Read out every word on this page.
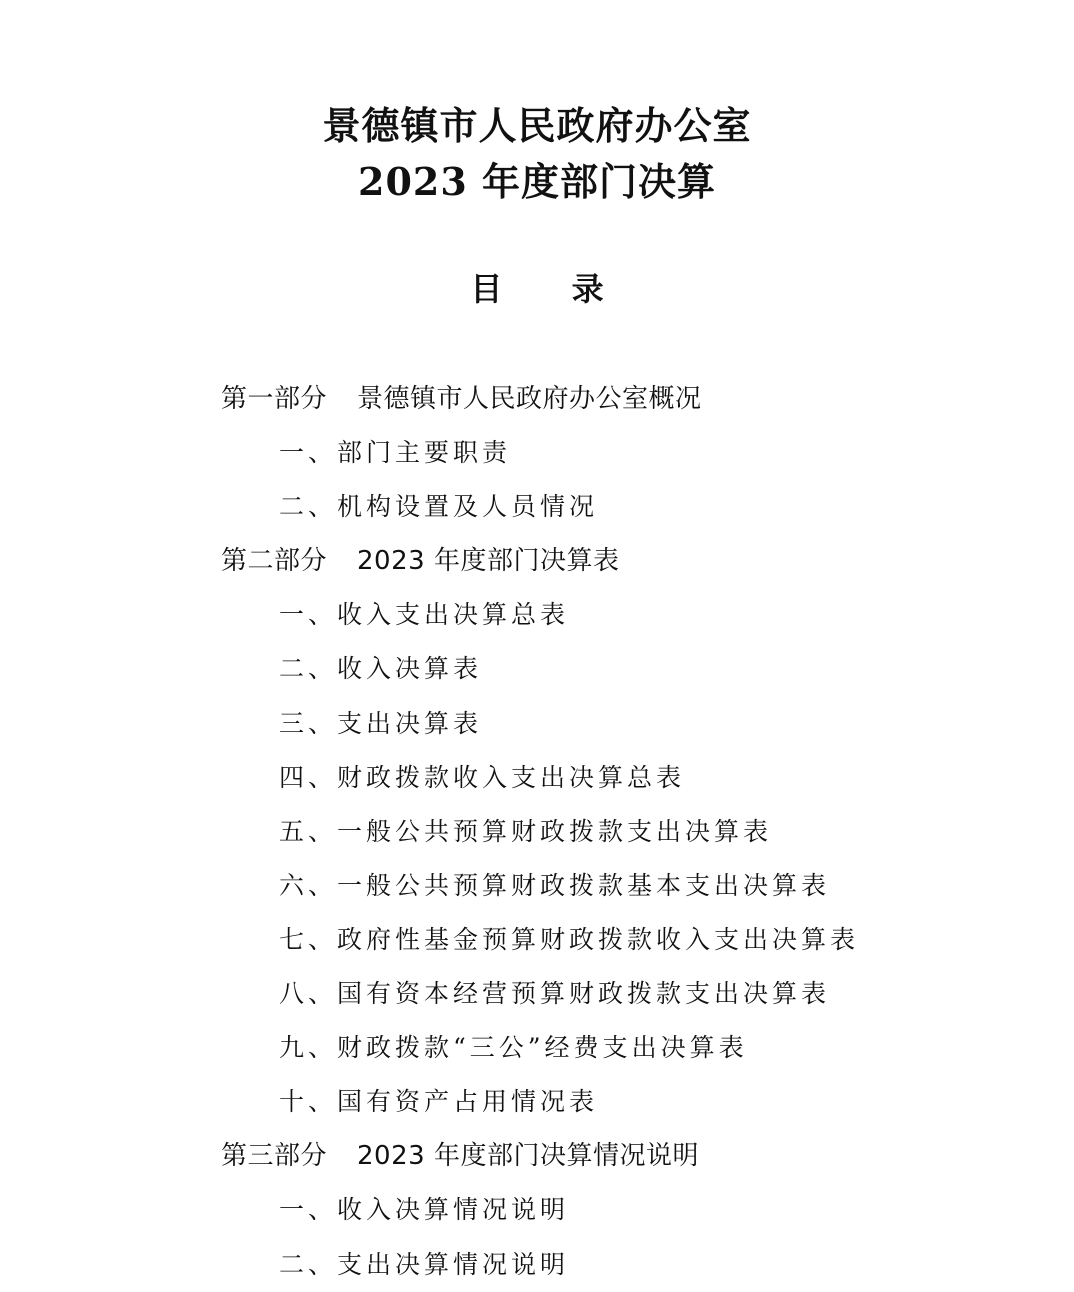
景德镇市人民政府办公室
2023 年度部门决算
目 录
第一部分 景德镇市人民政府办公室概况
一、部门主要职责
二、机构设置及人员情况
第二部分 2023 年度部门决算表
一、收入支出决算总表
二、收入决算表
三、支出决算表
四、财政拨款收入支出决算总表
五、一般公共预算财政拨款支出决算表
六、一般公共预算财政拨款基本支出决算表
七、政府性基金预算财政拨款收入支出决算表
八、国有资本经营预算财政拨款支出决算表
九、财政拨款“三公”经费支出决算表
十、国有资产占用情况表
第三部分 2023 年度部门决算情况说明
一、收入决算情况说明
二、支出决算情况说明
